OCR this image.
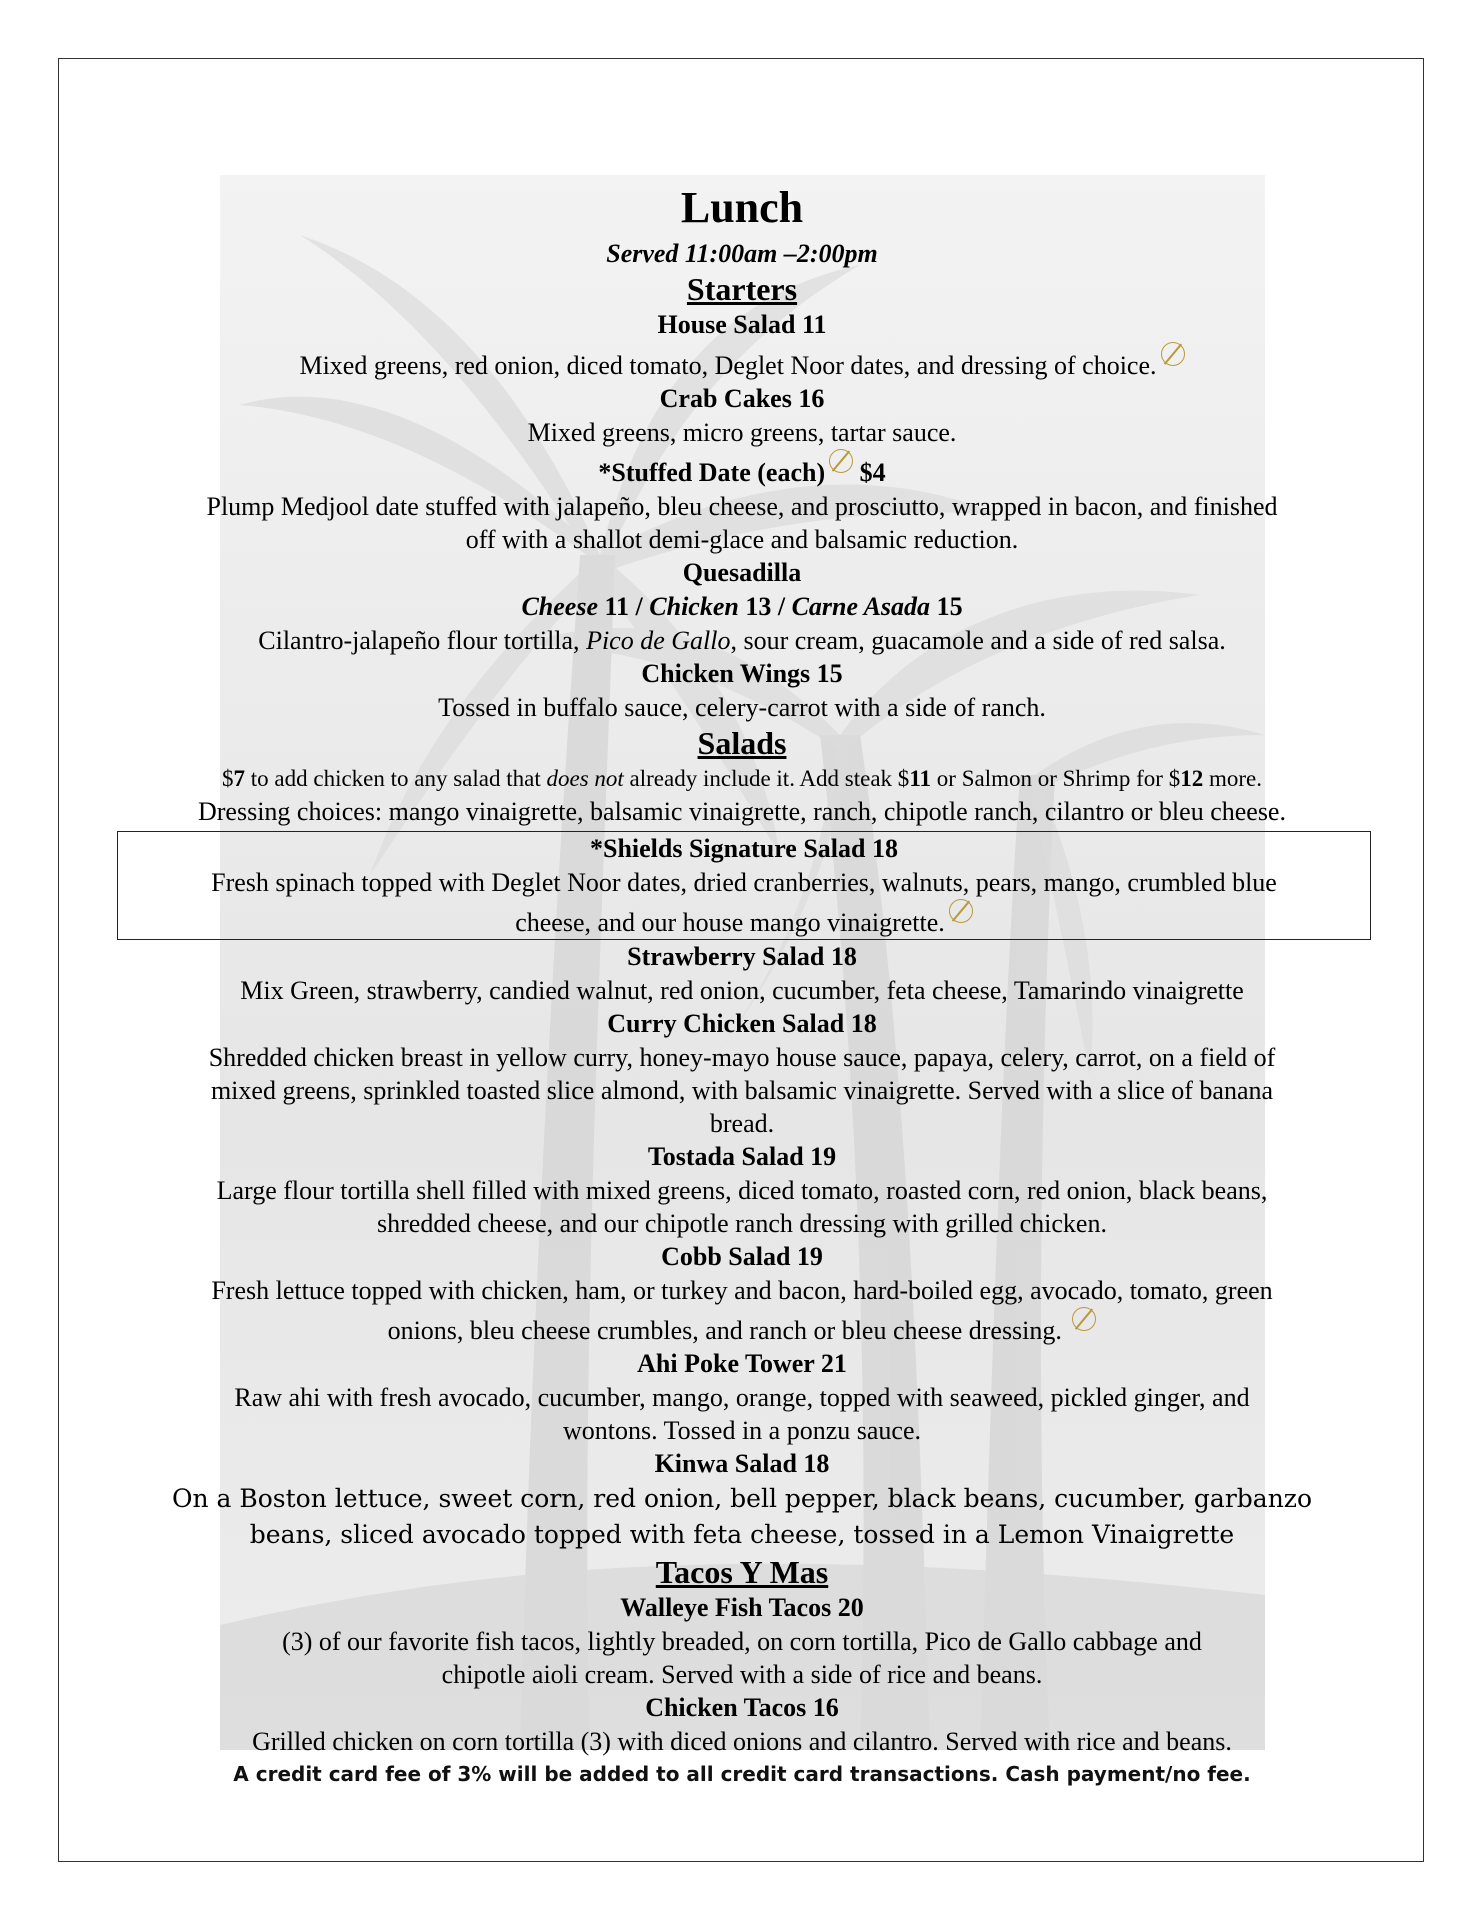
Lunch
Served 11:00am –2:00pm
Starters
House Salad 11
Mixed greens, red onion, diced tomato, Deglet Noor dates, and dressing of choice.
Crab Cakes 16
Mixed greens, micro greens, tartar sauce.
*Stuffed Date (each) $4
Plump Medjool date stuffed with jalapeño, bleu cheese, and prosciutto, wrapped in bacon, and finished
off with a shallot demi-glace and balsamic reduction.
Quesadilla
Cheese 11 / Chicken 13 / Carne Asada 15
Cilantro-jalapeño flour tortilla, Pico de Gallo, sour cream, guacamole and a side of red salsa.
Chicken Wings 15
Tossed in buffalo sauce, celery-carrot with a side of ranch.
Salads
$7 to add chicken to any salad that does not already include it. Add steak $11 or Salmon or Shrimp for $12 more.
Dressing choices: mango vinaigrette, balsamic vinaigrette, ranch, chipotle ranch, cilantro or bleu cheese.
*Shields Signature Salad 18
Fresh spinach topped with Deglet Noor dates, dried cranberries, walnuts, pears, mango, crumbled blue
cheese, and our house mango vinaigrette.
Strawberry Salad 18
Mix Green, strawberry, candied walnut, red onion, cucumber, feta cheese, Tamarindo vinaigrette
Curry Chicken Salad 18
Shredded chicken breast in yellow curry, honey-mayo house sauce, papaya, celery, carrot, on a field of
mixed greens, sprinkled toasted slice almond, with balsamic vinaigrette. Served with a slice of banana
bread.
Tostada Salad 19
Large flour tortilla shell filled with mixed greens, diced tomato, roasted corn, red onion, black beans,
shredded cheese, and our chipotle ranch dressing with grilled chicken.
Cobb Salad 19
Fresh lettuce topped with chicken, ham, or turkey and bacon, hard-boiled egg, avocado, tomato, green
onions, bleu cheese crumbles, and ranch or bleu cheese dressing.
Ahi Poke Tower 21
Raw ahi with fresh avocado, cucumber, mango, orange, topped with seaweed, pickled ginger, and
wontons. Tossed in a ponzu sauce.
Kinwa Salad 18
On a Boston lettuce, sweet corn, red onion, bell pepper, black beans, cucumber, garbanzo
beans, sliced avocado topped with feta cheese, tossed in a Lemon Vinaigrette
Tacos Y Mas
Walleye Fish Tacos 20
(3) of our favorite fish tacos, lightly breaded, on corn tortilla, Pico de Gallo cabbage and
chipotle aioli cream. Served with a side of rice and beans.
Chicken Tacos 16
Grilled chicken on corn tortilla (3) with diced onions and cilantro. Served with rice and beans.
A credit card fee of 3% will be added to all credit card transactions. Cash payment/no fee.
